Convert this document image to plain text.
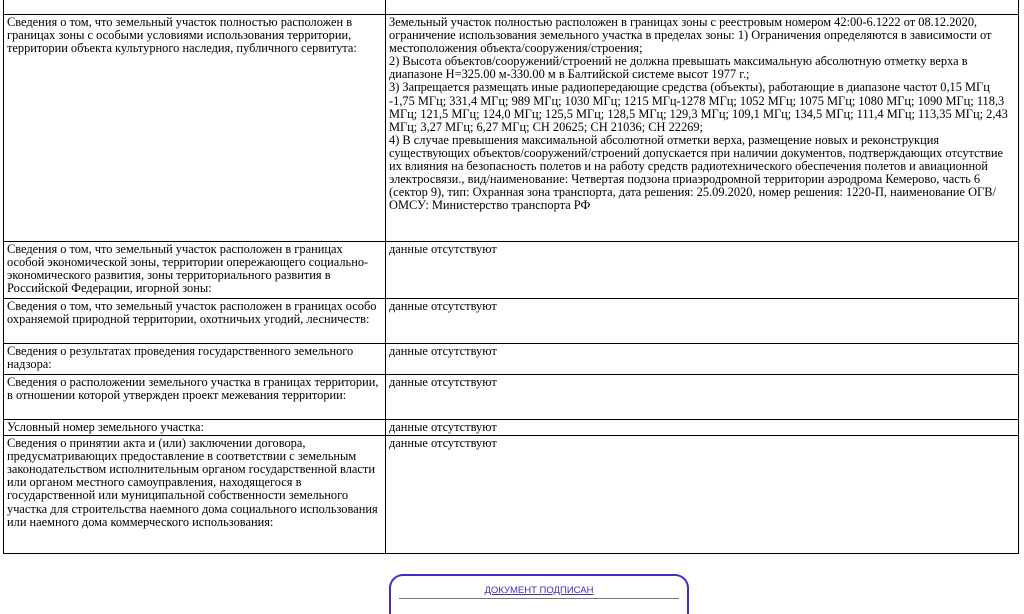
Сведения о том, что земельный участок полностью расположен в границах зоны с особыми условиями использования территории, территории объекта культурного наследия, публичного сервитута:	Земельный участок полностью расположен в границах зоны с реестровым номером 42:00-6.1222 от 08.12.2020, ограничение использования земельного участка в пределах зоны: 1) Ограничения определяются в зависимости от местоположения объекта/сооружения/строения;
2) Высота объектов/сооружений/строений не должна превышать максимальную абсолютную отметку верха в диапазоне H=325.00 м-330.00 м в Балтийской системе высот 1977 г.;
3) Запрещается размещать иные радиопередающие средства (объекты), работающие в диапазоне частот 0,15 МГц -1,75 МГц; 331,4 МГц; 989 МГц; 1030 МГц; 1215 МГц-1278 МГц; 1052 МГц; 1075 МГц; 1080 МГц; 1090 МГц; 118,3 МГц; 121,5 МГц; 124,0 МГц; 125,5 МГц; 128,5 МГц; 129,3 МГц; 109,1 МГц; 134,5 МГц; 111,4 МГц; 113,35 МГц; 2,43 МГц; 3,27 МГц; 6,27 МГц; СН 20625; СН 21036; СН 22269;
4) В случае превышения максимальной абсолютной отметки верха, размещение новых и реконструкция существующих объектов/сооружений/строений допускается при наличии документов, подтверждающих отсутствие их влияния на безопасность полетов и на работу средств радиотехнического обеспечения полетов и авиационной электросвязи., вид/наименование: Четвертая подзона приаэродромной территории аэродрома Кемерово, часть 6 (сектор 9), тип: Охранная зона транспорта, дата решения: 25.09.2020, номер решения: 1220-П, наименование ОГВ/ОМСУ: Министерство транспорта РФ

Сведения о том, что земельный участок расположен в границах особой экономической зоны, территории опережающего социально-экономического развития, зоны территориального развития в Российской Федерации, игорной зоны:	данные отсутствуют
Сведения о том, что земельный участок расположен в границах особо охраняемой природной территории, охотничьих угодий, лесничеств:	данные отсутствуют
Сведения о результатах проведения государственного земельного надзора:	данные отсутствуют
Сведения о расположении земельного участка в границах территории, в отношении которой утвержден проект межевания территории:	данные отсутствуют
Условный номер земельного участка:	данные отсутствуют
Сведения о принятии акта и (или) заключении договора, предусматривающих предоставление в соответствии с земельным законодательством исполнительным органом государственной власти или органом местного самоуправления, находящегося в государственной или муниципальной собственности земельного участка для строительства наемного дома социального использования или наемного дома коммерческого использования:	данные отсутствуют
ДОКУМЕНТ ПОДПИСАН
